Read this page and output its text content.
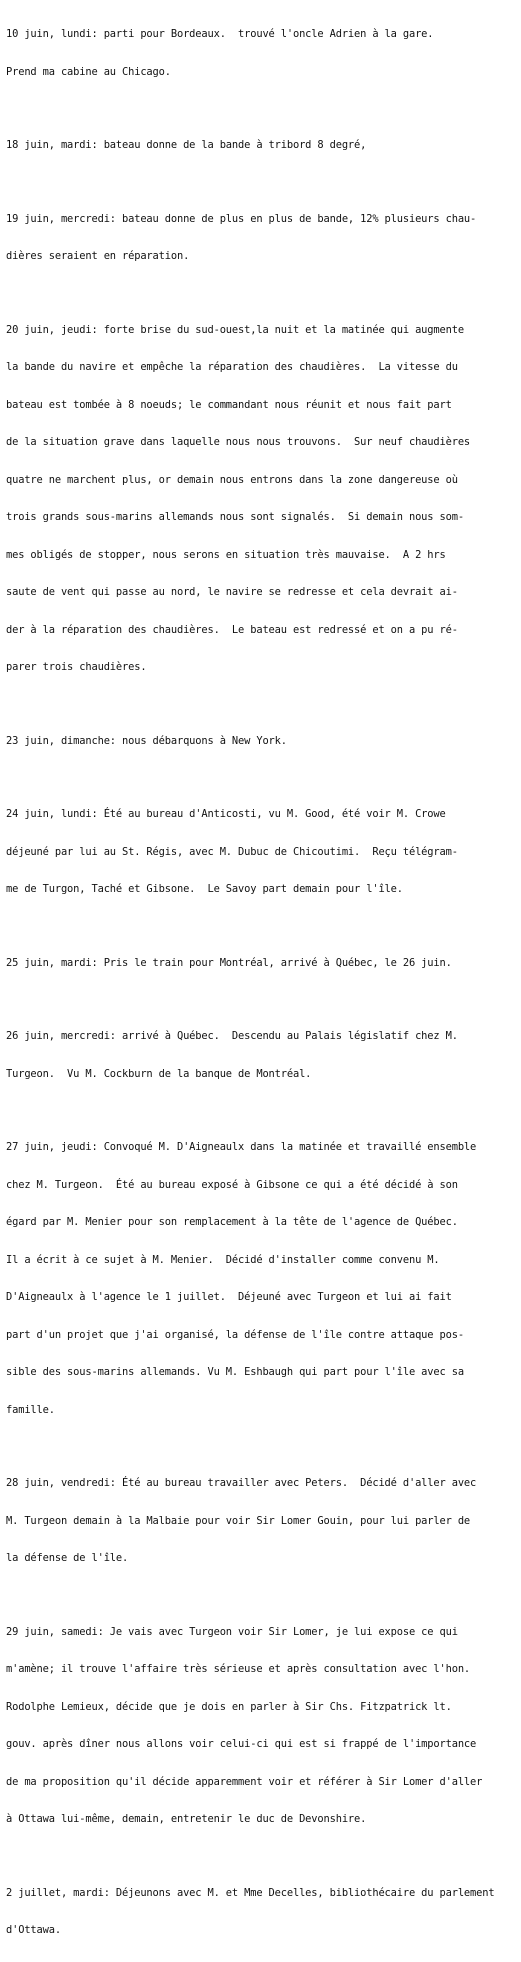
10 juin, lundi: parti pour Bordeaux.  trouvé l'oncle Adrien à la gare.

Prend ma cabine au Chicago.

18 juin, mardi: bateau donne de la bande à tribord 8 degré,

19 juin, mercredi: bateau donne de plus en plus de bande, 12% plusieurs chau-

dières seraient en réparation.

20 juin, jeudi: forte brise du sud-ouest,la nuit et la matinée qui augmente

la bande du navire et empêche la réparation des chaudières.  La vitesse du

bateau est tombée à 8 noeuds; le commandant nous réunit et nous fait part

de la situation grave dans laquelle nous nous trouvons.  Sur neuf chaudières

quatre ne marchent plus, or demain nous entrons dans la zone dangereuse où

trois grands sous-marins allemands nous sont signalés.  Si demain nous som-

mes obligés de stopper, nous serons en situation très mauvaise.  A 2 hrs

saute de vent qui passe au nord, le navire se redresse et cela devrait ai-

der à la réparation des chaudières.  Le bateau est redressé et on a pu ré-

parer trois chaudières.

23 juin, dimanche: nous débarquons à New York.

24 juin, lundi: Été au bureau d'Anticosti, vu M. Good, été voir M. Crowe

déjeuné par lui au St. Régis, avec M. Dubuc de Chicoutimi.  Reçu télégram-

me de Turgon, Taché et Gibsone.  Le Savoy part demain pour l'île.

25 juin, mardi: Pris le train pour Montréal, arrivé à Québec, le 26 juin.

26 juin, mercredi: arrivé à Québec.  Descendu au Palais législatif chez M.

Turgeon.  Vu M. Cockburn de la banque de Montréal.

27 juin, jeudi: Convoqué M. D'Aigneaulx dans la matinée et travaillé ensemble

chez M. Turgeon.  Été au bureau exposé à Gibsone ce qui a été décidé à son

égard par M. Menier pour son remplacement à la tête de l'agence de Québec.

Il a écrit à ce sujet à M. Menier.  Décidé d'installer comme convenu M.

D'Aigneaulx à l'agence le 1 juillet.  Déjeuné avec Turgeon et lui ai fait

part d'un projet que j'ai organisé, la défense de l'île contre attaque pos-

sible des sous-marins allemands. Vu M. Eshbaugh qui part pour l'île avec sa

famille.

28 juin, vendredi: Été au bureau travailler avec Peters.  Décidé d'aller avec

M. Turgeon demain à la Malbaie pour voir Sir Lomer Gouin, pour lui parler de

la défense de l'île.

29 juin, samedi: Je vais avec Turgeon voir Sir Lomer, je lui expose ce qui

m'amène; il trouve l'affaire très sérieuse et après consultation avec l'hon.

Rodolphe Lemieux, décide que je dois en parler à Sir Chs. Fitzpatrick lt.

gouv. après dîner nous allons voir celui-ci qui est si frappé de l'importance

de ma proposition qu'il décide apparemment voir et référer à Sir Lomer d'aller

à Ottawa lui-même, demain, entretenir le duc de Devonshire.

2 juillet, mardi: Déjeunons avec M. et Mme Decelles, bibliothécaire du parlement

d'Ottawa.
